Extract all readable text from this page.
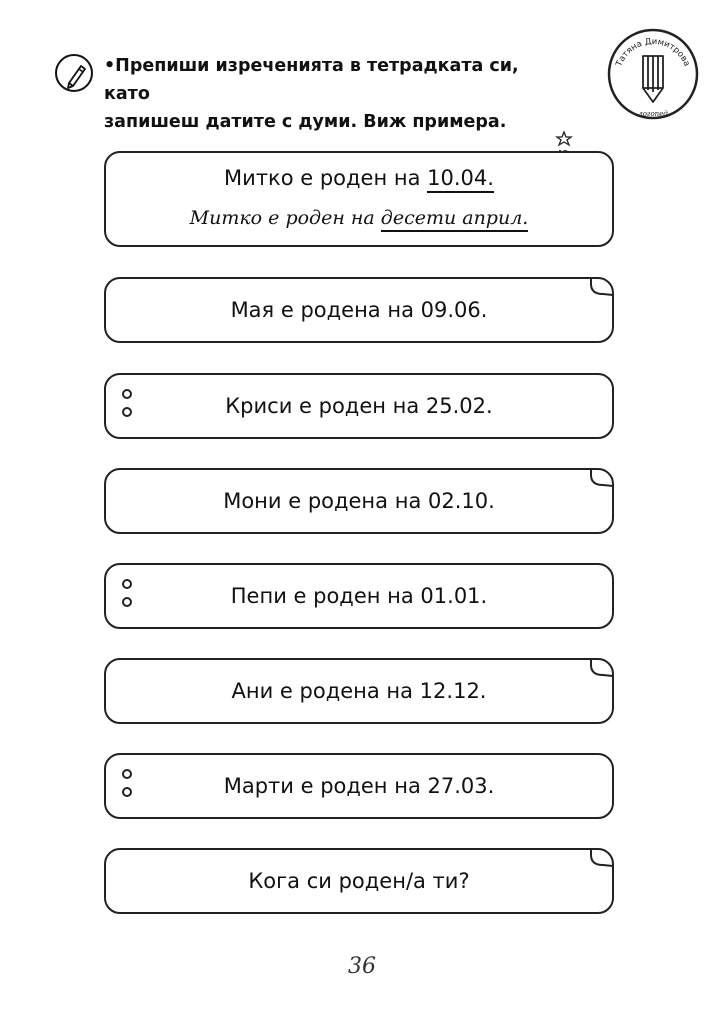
•Препиши изреченията в тетрадката си, като
запишеш датите с думи. Виж примера.
Татяна Димитрова
логопед
Митко е роден на 10.04.
Митко е роден на десети април.
Мая е родена на 09.06.
Криси е роден на 25.02.
Мони е родена на 02.10.
Пепи е роден на 01.01.
Ани е родена на 12.12.
Марти е роден на 27.03.
Кога си роден/а ти?
36
